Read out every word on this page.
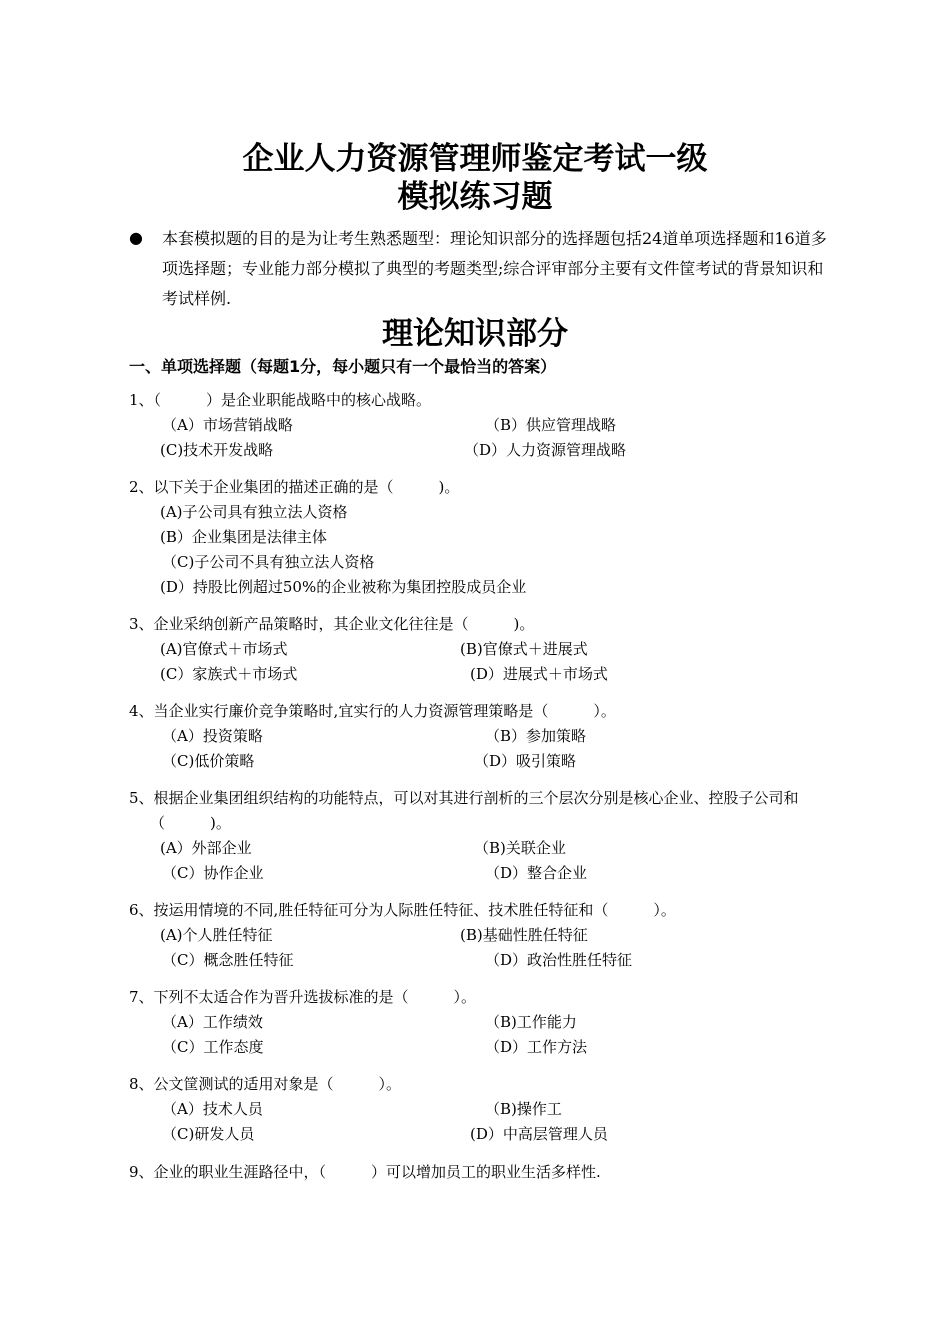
企业人力资源管理师鉴定考试一级
模拟练习题
● 本套模拟题的目的是为让考生熟悉题型：理论知识部分的选择题包括24道单项选择题和16道多项选择题；专业能力部分模拟了典型的考题类型;综合评审部分主要有文件筐考试的背景知识和考试样例.
理论知识部分
一、单项选择题（每题1分，每小题只有一个最恰当的答案）
1、（　　　）是企业职能战略中的核心战略。
（A）市场营销战略	（B）供应管理战略
(C)技术开发战略	（D）人力资源管理战略
2、以下关于企业集团的描述正确的是（　　　)。
(A)子公司具有独立法人资格
(B）企业集团是法律主体
（C)子公司不具有独立法人资格
(D）持股比例超过50%的企业被称为集团控股成员企业
3、企业采纳创新产品策略时，其企业文化往往是（　　　)。
(A)官僚式＋市场式	(B)官僚式＋进展式
(C）家族式＋市场式	(D）进展式＋市场式
4、当企业实行廉价竞争策略时,宜实行的人力资源管理策略是（　　　）。
（A）投资策略	（B）参加策略
（C)低价策略	（D）吸引策略
5、根据企业集团组织结构的功能特点，可以对其进行剖析的三个层次分别是核心企业、控股子公司和（　　　)。
(A）外部企业	（B)关联企业
（C）协作企业	（D）整合企业
6、按运用情境的不同,胜任特征可分为人际胜任特征、技术胜任特征和（　　　）。
(A)个人胜任特征	(B)基础性胜任特征
（C）概念胜任特征	（D）政治性胜任特征
7、下列不太适合作为晋升选拔标准的是（　　　）。
（A）工作绩效	（B)工作能力
（C）工作态度	（D）工作方法
8、公文筐测试的适用对象是（　　　）。
（A）技术人员	（B)操作工
（C)研发人员	(D）中高层管理人员
9、企业的职业生涯路径中，（　　　）可以增加员工的职业生活多样性.
